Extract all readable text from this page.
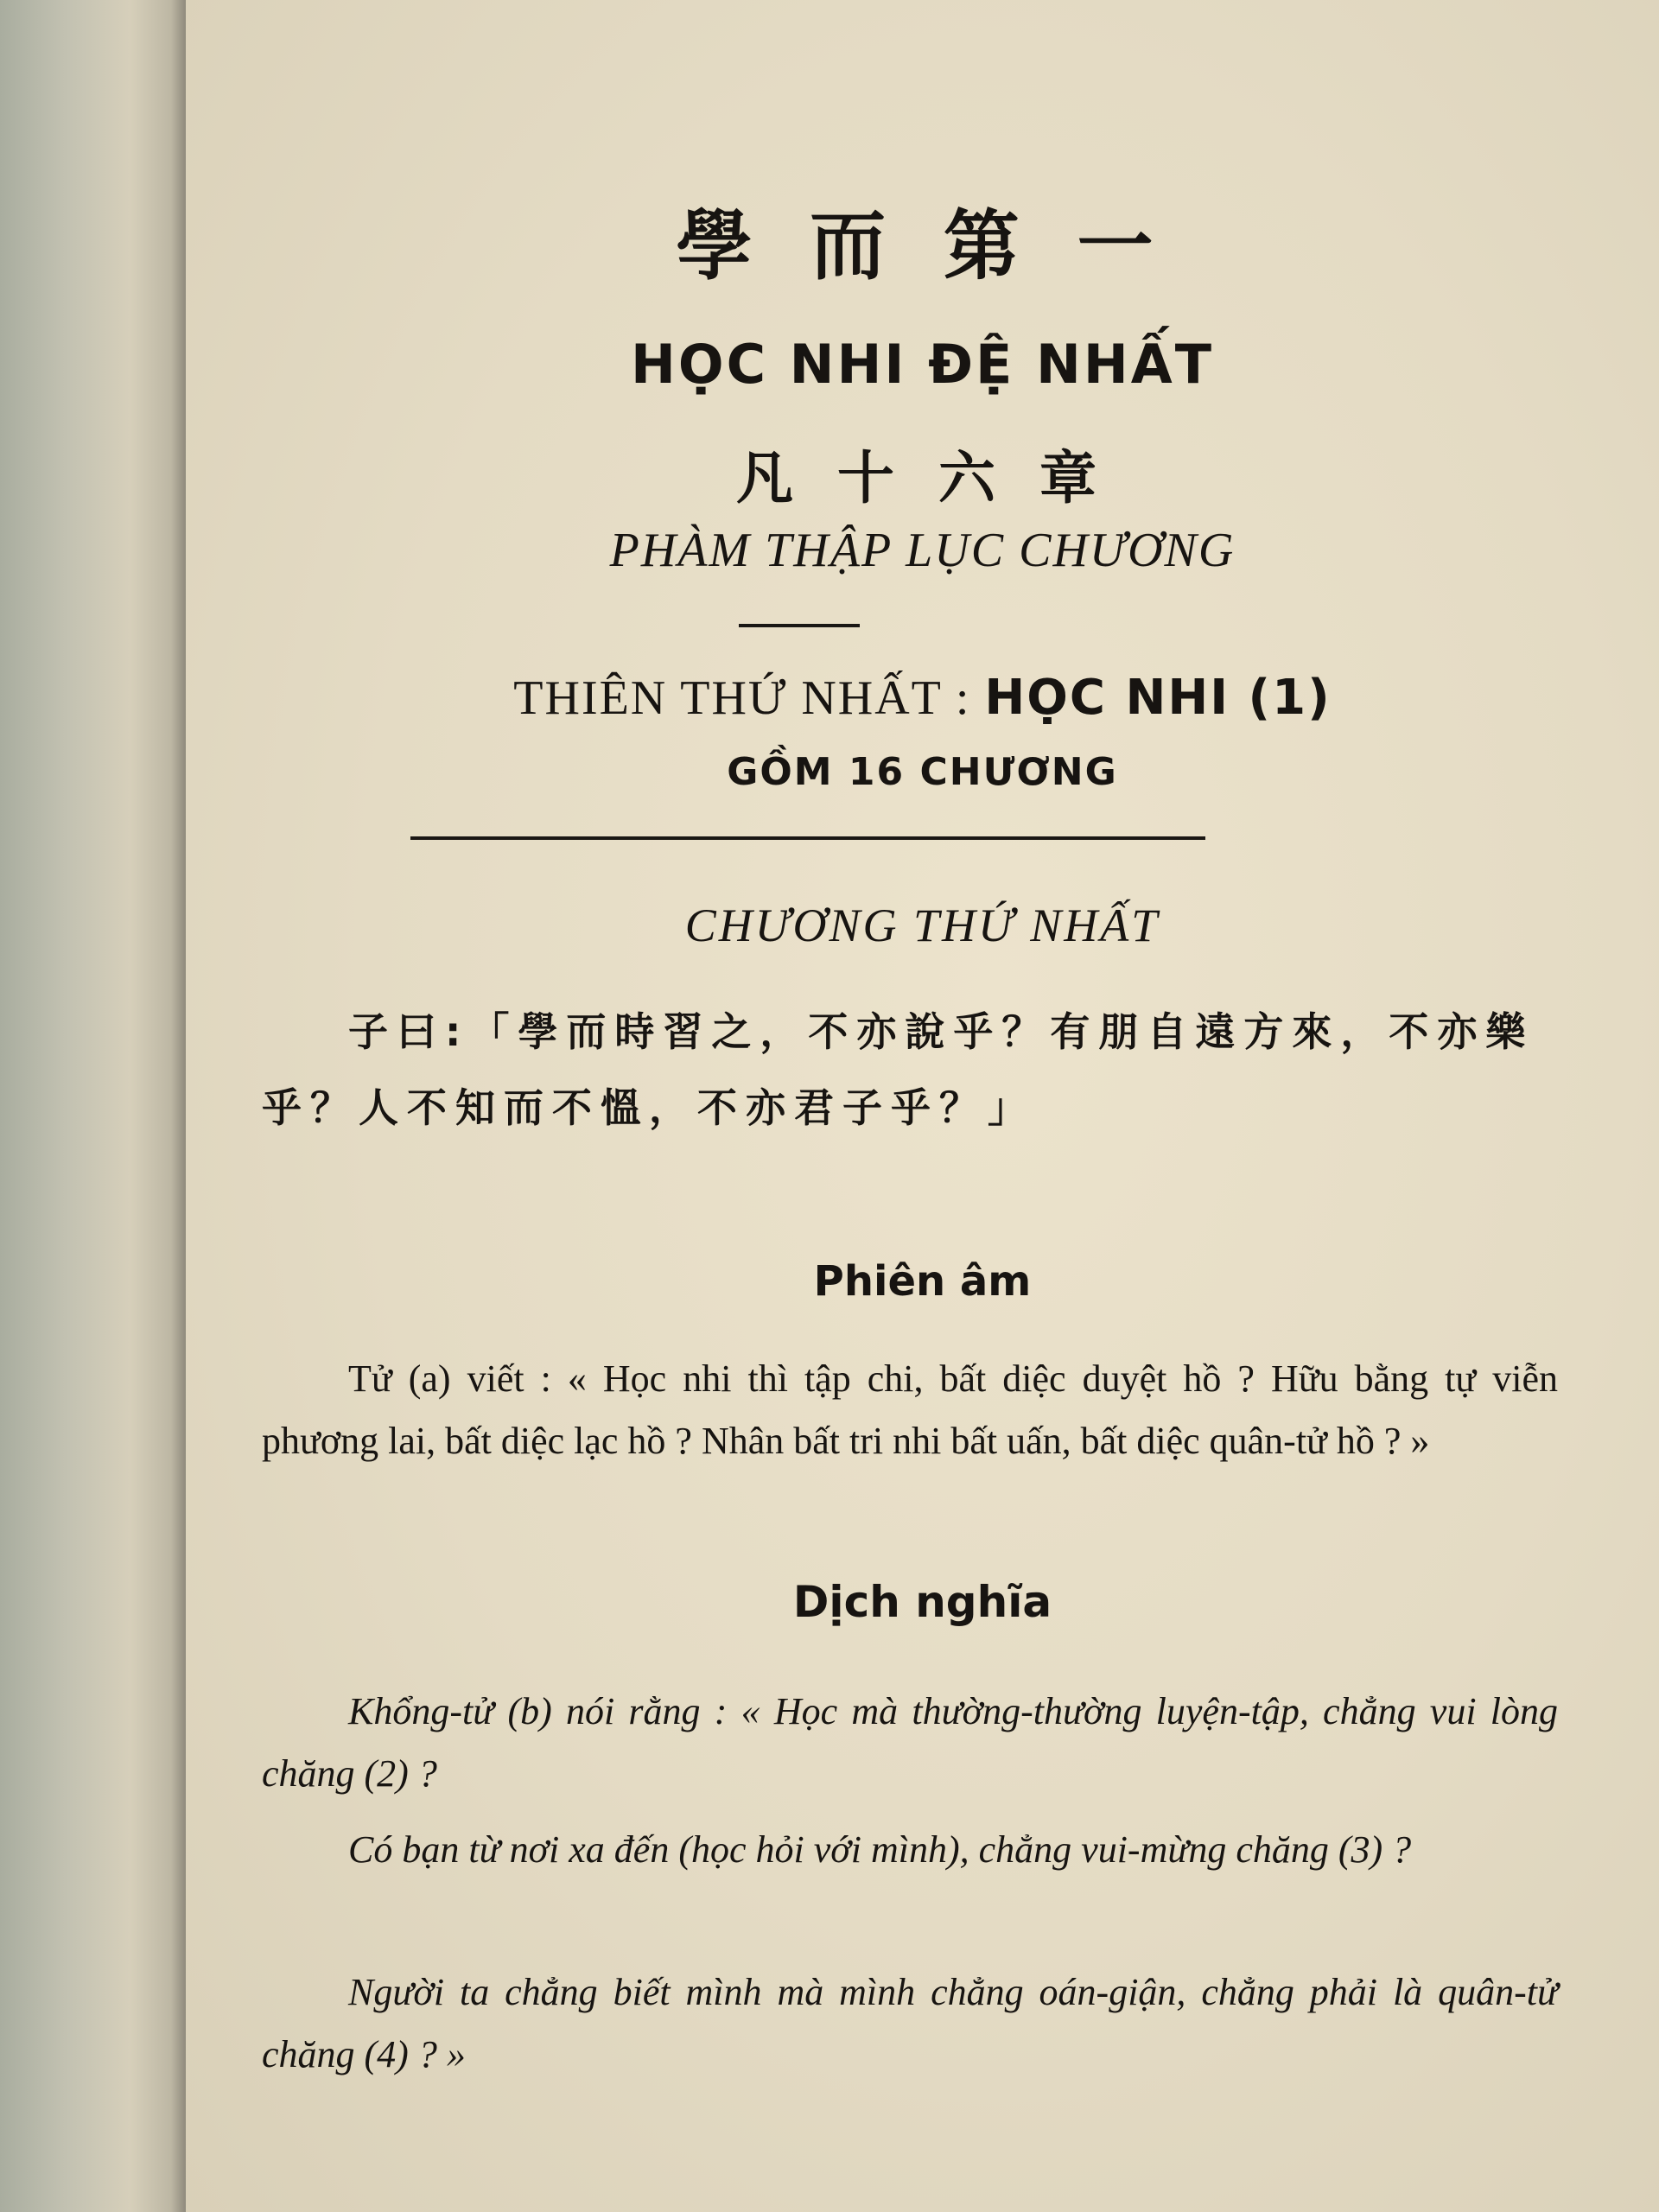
學 而 第 一
HỌC NHI ĐỆ NHẤT
凡 十 六 章
PHÀM THẬP LỤC CHƯƠNG
THIÊN THỨ NHẤT : HỌC NHI (1)
GỒM 16 CHƯƠNG
CHƯƠNG THỨ NHẤT
子曰:「學而時習之，不亦說乎？有朋自遠方來，不亦樂乎？人不知而不慍，不亦君子乎？」
Phiên âm
Tử (a) viết : « Học nhi thì tập chi, bất diệc duyệt hồ ? Hữu bằng tự viễn phương lai, bất diệc lạc hồ ? Nhân bất tri nhi bất uấn, bất diệc quân-tử hồ ? »
Dịch nghĩa
Khổng-tử (b) nói rằng : « Học mà thường-thường luyện-tập, chẳng vui lòng chăng (2) ?
Có bạn từ nơi xa đến (học hỏi với mình), chẳng vui-mừng chăng (3) ?
Người ta chẳng biết mình mà mình chẳng oán-giận, chẳng phải là quân-tử chăng (4) ? »
